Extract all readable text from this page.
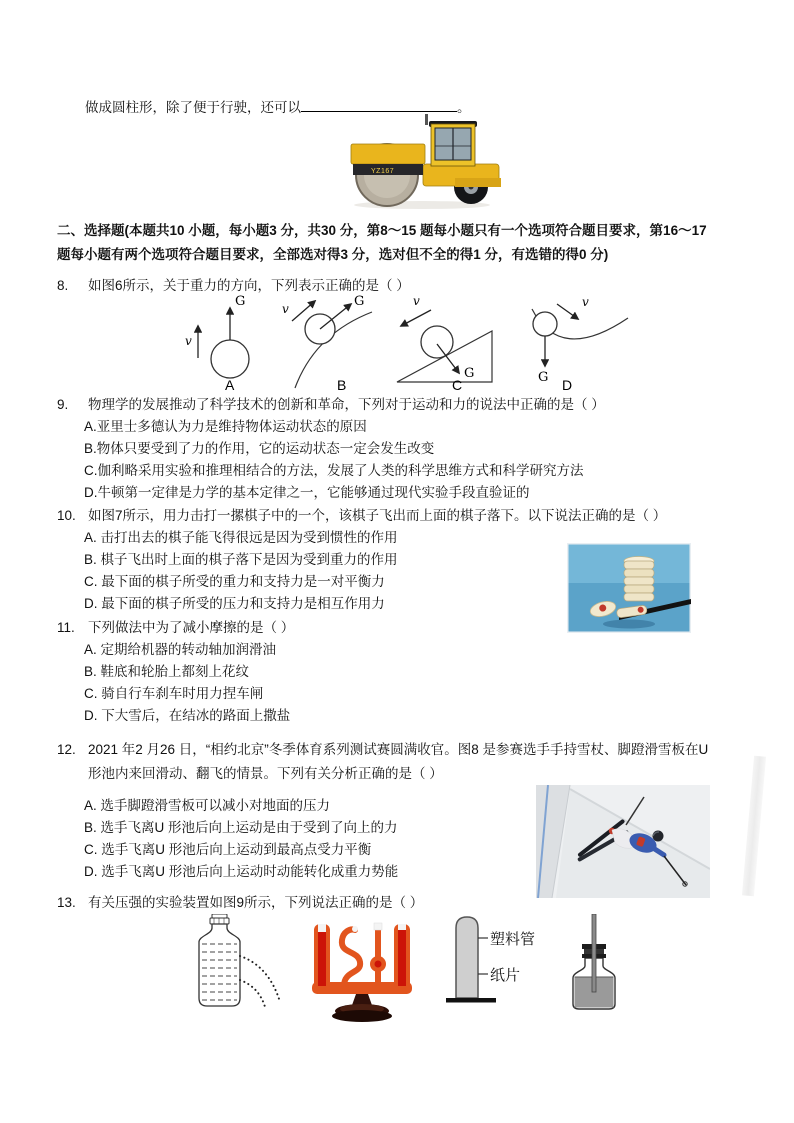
做成圆柱形，除了便于行驶，还可以	。
YZ167
二、选择题(本题共10 小题，每小题3 分，共30 分，第8～15 题每小题只有一个选项符合题目要求，第16～17
题每小题有两个选项符合题目要求，全部选对得3 分，选对但不全的得1 分，有选错的得0 分)
8. 如图6所示，关于重力的方向，下列表示正确的是（ ）
G
v
v	G
G
v	v
G
A	B	C	D
9. 物理学的发展推动了科学技术的创新和革命，下列对于运动和力的说法中正确的是（ ）
A.亚里士多德认为力是维持物体运动状态的原因
B.物体只要受到了力的作用，它的运动状态一定会发生改变
C.伽利略采用实验和推理相结合的方法，发展了人类的科学思维方式和科学研究方法
D.牛顿第一定律是力学的基本定律之一，它能够通过现代实验手段直验证的
10. 如图7所示，用力击打一摞棋子中的一个，该棋子飞出而上面的棋子落下。以下说法正确的是（ ）
A. 击打出去的棋子能飞得很远是因为受到惯性的作用
B. 棋子飞出时上面的棋子落下是因为受到重力的作用
C. 最下面的棋子所受的重力和支持力是一对平衡力
D. 最下面的棋子所受的压力和支持力是相互作用力
11. 下列做法中为了减小摩擦的是（ ）
A. 定期给机器的转动轴加润滑油
B. 鞋底和轮胎上都刻上花纹
C. 骑自行车刹车时用力捏车闸
D. 下大雪后，在结冰的路面上撒盐
12. 2021 年2 月26 日，“相约北京”冬季体育系列测试赛圆满收官。图8 是参赛选手手持雪杖、脚蹬滑雪板在U
形池内来回滑动、翻飞的情景。下列有关分析正确的是（ ）
A. 选手脚蹬滑雪板可以减小对地面的压力
B. 选手飞离U 形池后向上运动是由于受到了向上的力
C. 选手飞离U 形池后向上运动到最高点受力平衡
D. 选手飞离U 形池后向上运动时动能转化成重力势能
13. 有关压强的实验装置如图9所示，下列说法正确的是（ ）
塑料管
纸片
